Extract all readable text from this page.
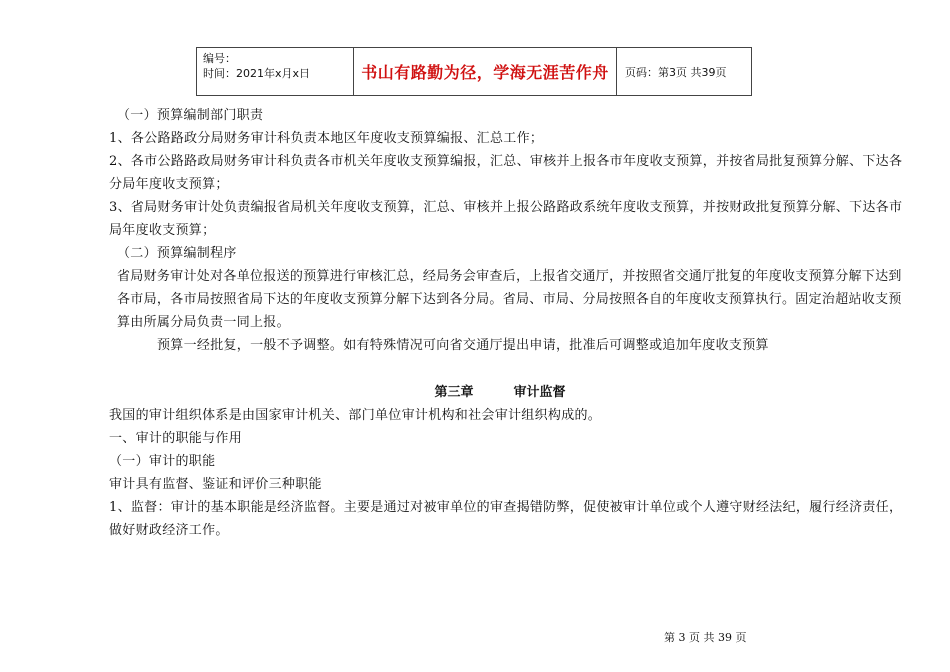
编号：
时间：2021年x月x日	书山有路勤为径，学海无涯苦作舟	页码：第3页 共39页

（一）预算编制部门职责

1、各公路路政分局财务审计科负责本地区年度收支预算编报、汇总工作；

2、各市公路路政局财务审计科负责各市机关年度收支预算编报，汇总、审核并上报各市年度收支预算，并按省局批复预算分解、下达各分局年度收支预算；

3、省局财务审计处负责编报省局机关年度收支预算，汇总、审核并上报公路路政系统年度收支预算，并按财政批复预算分解、下达各市局年度收支预算；

（二）预算编制程序

省局财务审计处对各单位报送的预算进行审核汇总，经局务会审查后，上报省交通厅，并按照省交通厅批复的年度收支预算分解下达到各市局，各市局按照省局下达的年度收支预算分解下达到各分局。省局、市局、分局按照各自的年度收支预算执行。固定治超站收支预算由所属分局负责一同上报。

预算一经批复，一般不予调整。如有特殊情况可向省交通厅提出申请，批准后可调整或追加年度收支预算

第三章	审计监督

我国的审计组织体系是由国家审计机关、部门单位审计机构和社会审计组织构成的。

一、审计的职能与作用

（一）审计的职能

审计具有监督、鉴证和评价三种职能

1、监督：审计的基本职能是经济监督。主要是通过对被审单位的审查揭错防弊，促使被审计单位或个人遵守财经法纪，履行经济责任，做好财政经济工作。

第 3 页 共 39 页
